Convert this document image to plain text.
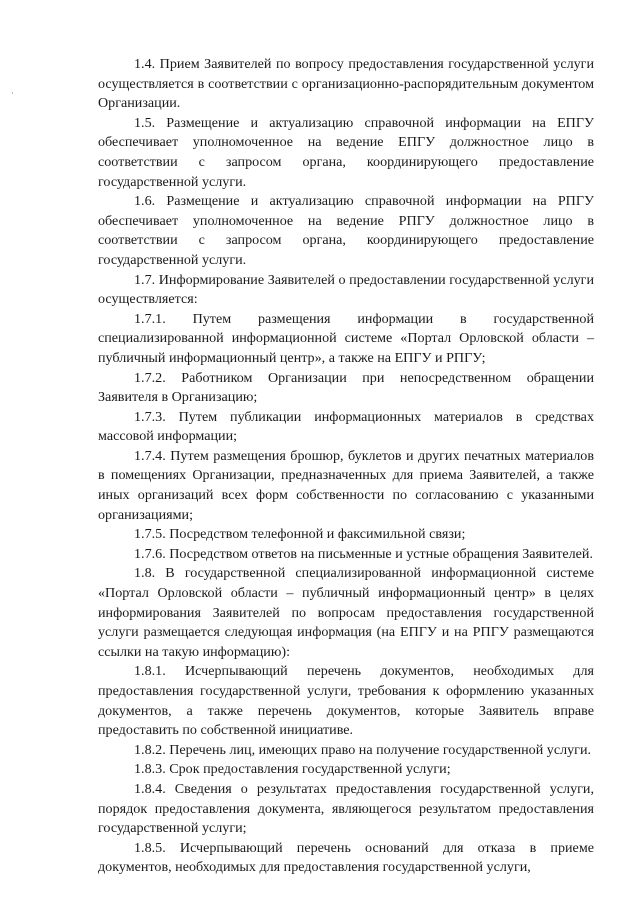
1.4. Прием Заявителей по вопросу предоставления государственной услуги осуществляется в соответствии с организационно-распорядительным документом Организации.

1.5. Размещение и актуализацию справочной информации на ЕПГУ обеспечивает уполномоченное на ведение ЕПГУ должностное лицо в соответствии с запросом органа, координирующего предоставление государственной услуги.

1.6. Размещение и актуализацию справочной информации на РПГУ обеспечивает уполномоченное на ведение РПГУ должностное лицо в соответствии с запросом органа, координирующего предоставление государственной услуги.

1.7. Информирование Заявителей о предоставлении государственной услуги осуществляется:

1.7.1. Путем размещения информации в государственной специализированной информационной системе «Портал Орловской области – публичный информационный центр», а также на ЕПГУ и РПГУ;

1.7.2. Работником Организации при непосредственном обращении Заявителя в Организацию;

1.7.3. Путем публикации информационных материалов в средствах массовой информации;

1.7.4. Путем размещения брошюр, буклетов и других печатных материалов в помещениях Организации, предназначенных для приема Заявителей, а также иных организаций всех форм собственности по согласованию с указанными организациями;

1.7.5. Посредством телефонной и факсимильной связи;

1.7.6. Посредством ответов на письменные и устные обращения Заявителей.

1.8. В государственной специализированной информационной системе «Портал Орловской области – публичный информационный центр» в целях информирования Заявителей по вопросам предоставления государственной услуги размещается следующая информация (на ЕПГУ и на РПГУ размещаются ссылки на такую информацию):

1.8.1. Исчерпывающий перечень документов, необходимых для предоставления государственной услуги, требования к оформлению указанных документов, а также перечень документов, которые Заявитель вправе предоставить по собственной инициативе.

1.8.2. Перечень лиц, имеющих право на получение государственной услуги.

1.8.3. Срок предоставления государственной услуги;

1.8.4. Сведения о результатах предоставления государственной услуги, порядок предоставления документа, являющегося результатом предоставления государственной услуги;

1.8.5. Исчерпывающий перечень оснований для отказа в приеме документов, необходимых для предоставления государственной услуги,
